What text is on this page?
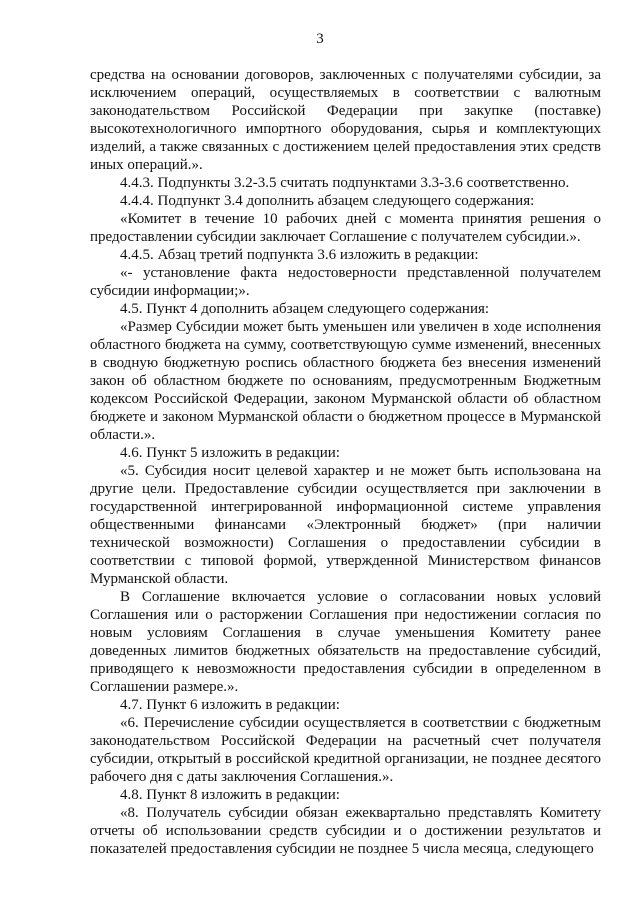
3

средства на основании договоров, заключенных с получателями субсидии, за исключением операций, осуществляемых в соответствии с валютным законодательством Российской Федерации при закупке (поставке) высокотехнологичного импортного оборудования, сырья и комплектующих изделий, а также связанных с достижением целей предоставления этих средств иных операций.».

4.4.3. Подпункты 3.2-3.5 считать подпунктами 3.3-3.6 соответственно.

4.4.4. Подпункт 3.4 дополнить абзацем следующего содержания:

«Комитет в течение 10 рабочих дней с момента принятия решения о предоставлении субсидии заключает Соглашение с получателем субсидии.».

4.4.5. Абзац третий подпункта 3.6 изложить в редакции:

«- установление факта недостоверности представленной получателем субсидии информации;».

4.5. Пункт 4 дополнить абзацем следующего содержания:

«Размер Субсидии может быть уменьшен или увеличен в ходе исполнения областного бюджета на сумму, соответствующую сумме изменений, внесенных в сводную бюджетную роспись областного бюджета без внесения изменений закон об областном бюджете по основаниям, предусмотренным Бюджетным кодексом Российской Федерации, законом Мурманской области об областном бюджете и законом Мурманской области о бюджетном процессе в Мурманской области.».

4.6. Пункт 5 изложить в редакции:

«5. Субсидия носит целевой характер и не может быть использована на другие цели. Предоставление субсидии осуществляется при заключении в государственной интегрированной информационной системе управления общественными финансами «Электронный бюджет» (при наличии технической возможности) Соглашения о предоставлении субсидии в соответствии с типовой формой, утвержденной Министерством финансов Мурманской области.

В Соглашение включается условие о согласовании новых условий Соглашения или о расторжении Соглашения при недостижении согласия по новым условиям Соглашения в случае уменьшения Комитету ранее доведенных лимитов бюджетных обязательств на предоставление субсидий, приводящего к невозможности предоставления субсидии в определенном в Соглашении размере.».

4.7. Пункт 6 изложить в редакции:

«6. Перечисление субсидии осуществляется в соответствии с бюджетным законодательством Российской Федерации на расчетный счет получателя субсидии, открытый в российской кредитной организации, не позднее десятого рабочего дня с даты заключения Соглашения.».

4.8. Пункт 8 изложить в редакции:

«8. Получатель субсидии обязан ежеквартально представлять Комитету отчеты об использовании средств субсидии и о достижении результатов и показателей предоставления субсидии не позднее 5 числа месяца, следующего
